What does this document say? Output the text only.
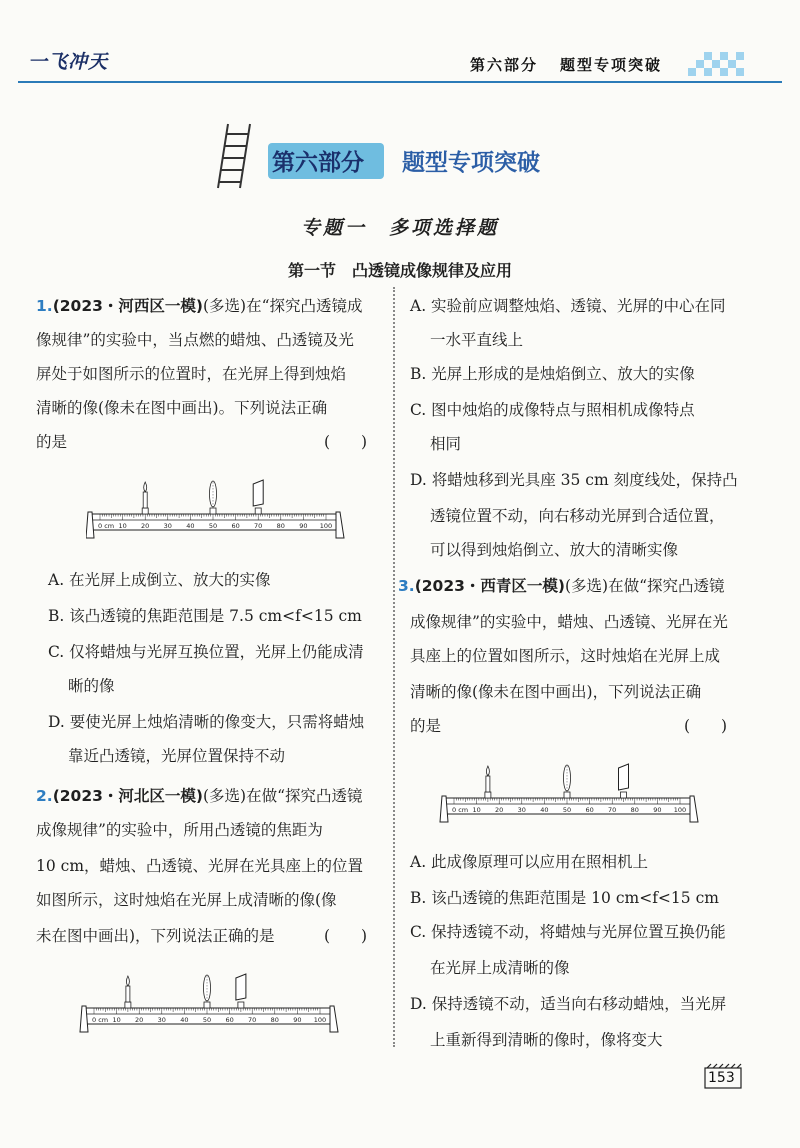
一飞冲天	第六部分 题型专项突破
第六部分 题型专项突破
专题一　多项选择题
第一节　凸透镜成像规律及应用
1.(2023・河西区一模)(多选)在“探究凸透镜成
像规律”的实验中，当点燃的蜡烛、凸透镜及光
屏处于如图所示的位置时，在光屏上得到烛焰
清晰的像(像未在图中画出)。下列说法正确
的是	(　　)
0 cm 10 20 30 40 50 60 70 80 90 100
A. 在光屏上成倒立、放大的实像
B. 该凸透镜的焦距范围是 7.5 cm<f<15 cm
C. 仅将蜡烛与光屏互换位置，光屏上仍能成清
晰的像
D. 要使光屏上烛焰清晰的像变大，只需将蜡烛
靠近凸透镜，光屏位置保持不动
2.(2023・河北区一模)(多选)在做“探究凸透镜
成像规律”的实验中，所用凸透镜的焦距为
10 cm，蜡烛、凸透镜、光屏在光具座上的位置
如图所示，这时烛焰在光屏上成清晰的像(像
未在图中画出)，下列说法正确的是	(　　)
0 cm 10 20 30 40 50 60 70 80 90 100
A. 实验前应调整烛焰、透镜、光屏的中心在同
一水平直线上
B. 光屏上形成的是烛焰倒立、放大的实像
C. 图中烛焰的成像特点与照相机成像特点
相同
D. 将蜡烛移到光具座 35 cm 刻度线处，保持凸
透镜位置不动，向右移动光屏到合适位置，
可以得到烛焰倒立、放大的清晰实像
3.(2023・西青区一模)(多选)在做“探究凸透镜
成像规律”的实验中，蜡烛、凸透镜、光屏在光
具座上的位置如图所示，这时烛焰在光屏上成
清晰的像(像未在图中画出)，下列说法正确
的是	(　　)
0 cm 10 20 30 40 50 60 70 80 90 100
A. 此成像原理可以应用在照相机上
B. 该凸透镜的焦距范围是 10 cm<f<15 cm
C. 保持透镜不动，将蜡烛与光屏位置互换仍能
在光屏上成清晰的像
D. 保持透镜不动，适当向右移动蜡烛，当光屏
上重新得到清晰的像时，像将变大
153
